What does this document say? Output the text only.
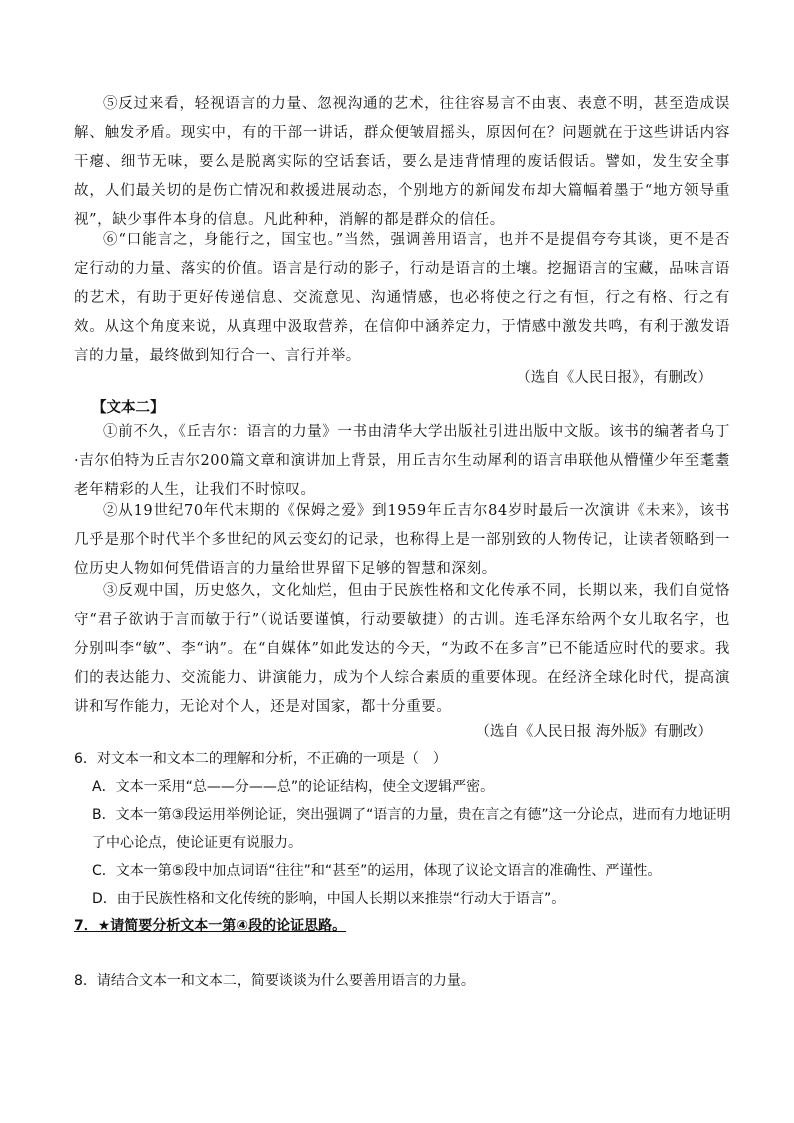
⑤反过来看，轻视语言的力量、忽视沟通的艺术，往往容易言不由衷、表意不明，甚至造成误解、触发矛盾。现实中，有的干部一讲话，群众便皱眉摇头，原因何在？问题就在于这些讲话内容干瘪、细节无味，要么是脱离实际的空话套话，要么是违背情理的废话假话。譬如，发生安全事故，人们最关切的是伤亡情况和救援进展动态，个别地方的新闻发布却大篇幅着墨于“地方领导重视”，缺少事件本身的信息。凡此种种，消解的都是群众的信任。

⑥“口能言之，身能行之，国宝也。”当然，强调善用语言，也并不是提倡夸夸其谈，更不是否定行动的力量、落实的价值。语言是行动的影子，行动是语言的土壤。挖掘语言的宝藏，品味言语的艺术，有助于更好传递信息、交流意见、沟通情感，也必将使之行之有恒，行之有格、行之有效。从这个角度来说，从真理中汲取营养，在信仰中涵养定力，于情感中激发共鸣，有利于激发语言的力量，最终做到知行合一、言行并举。

（选自《人民日报》，有删改）
【文本二】

①前不久，《丘吉尔：语言的力量》一书由清华大学出版社引进出版中文版。该书的编著者乌丁·吉尔伯特为丘吉尔200篇文章和演讲加上背景，用丘吉尔生动犀利的语言串联他从懵懂少年至耄耋老年精彩的人生，让我们不时惊叹。

②从19世纪70年代末期的《保姆之爱》到1959年丘吉尔84岁时最后一次演讲《未来》，该书几乎是那个时代半个多世纪的风云变幻的记录，也称得上是一部别致的人物传记，让读者领略到一位历史人物如何凭借语言的力量给世界留下足够的智慧和深刻。

③反观中国，历史悠久，文化灿烂，但由于民族性格和文化传承不同，长期以来，我们自觉恪守“君子欲讷于言而敏于行”（说话要谨慎，行动要敏捷）的古训。连毛泽东给两个女儿取名字，也分别叫李“敏”、李“讷”。在“自媒体”如此发达的今天，“为政不在多言”已不能适应时代的要求。我们的表达能力、交流能力、讲演能力，成为个人综合素质的重要体现。在经济全球化时代，提高演讲和写作能力，无论对个人，还是对国家，都十分重要。

（选自《人民日报 海外版》有删改）
6．对文本一和文本二的理解和分析，不正确的一项是（　）
A．文本一采用“总——分——总”的论证结构，使全文逻辑严密。
B．文本一第③段运用举例论证，突出强调了“语言的力量，贵在言之有德”这一分论点，进而有力地证明了中心论点，使论证更有说服力。
C．文本一第⑤段中加点词语“往往”和“甚至”的运用，体现了议论文语言的准确性、严谨性。
D．由于民族性格和文化传统的影响，中国人长期以来推崇“行动大于语言”。
7．★请简要分析文本一第④段的论证思路。
8．请结合文本一和文本二，简要谈谈为什么要善用语言的力量。
